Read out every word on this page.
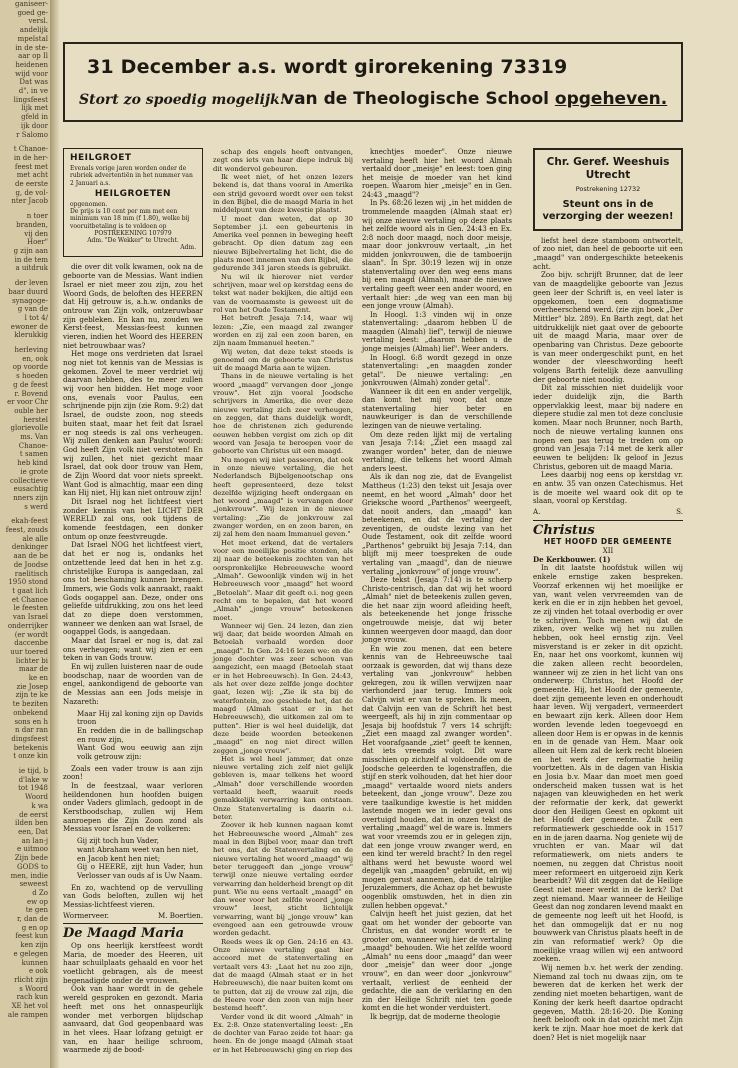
ganiseer-

goed ge-

versl.

andelijk

mpelstal

in de ste-

aar op Il

heidenen

wijd voor

Dat was

d", in ve

lingsfeest

lijk met

gfeld in

ijk door

r Salomo

t Chanoe-

in de her-

feest met

met acht

de eerste

g, de vol-

nter Jacob

n toer

branden,

vij den

Hoer"

g zijn aan

in de tem

a uitdruk

der leven

baar duurd

synagoge-

g van de

l tot 4/

ewoner de

klerukkig

herleving

en, ook

op voorde

s hoeden

g de feest

r. Bovend

er voor Chr

ouble her

herstel

glorievolle

ms. Van

Chanoe-

t samen

heb kind

ie grote

collectieve

eusachtig

nners zijn

s werd

ekah-feest

feest, zouds

ale alle

denkinger

aan de be

de Joodse

raelitisch

1950 stond

t gaat lich

et Chanoe

le feesten

van Israel

onderrijker

(er wordt

daccenbe

uur toered

lichter bi

maar de

ke en

zie Josep

zijn te ke

te beziten

onbekend

sons en h

n dar ran

dingsfeest

betekenis

t onze kin

ie tijd, b

d'lake w

tot 1948

Woord

k wa

de eerst

ilden ben

een, Dat

an lan-j

e uitmoo

Zijn bede

GODS to

men, indie

seweest

d Zo

ew op

te gen

r, dan de

g en op

feest kun

ken zijn

e gelegen

kunnen

e ook

rlicht zijn

s Woord

rach kun

XE het vol

ale rampen

31 December a.s. wordt girorekening 73319
Stort zo spoedig mogelijk!
van de Theologische School opgeheven.
HEILGROET
Evenals vorige jaren worden onder de rubriek advertentiën in het nummer van 2 Januari a.s.
HEILGROETEN
opgenomen.
De prijs is 10 cent per mm met een minimum van 18 mm (f 1.80), welke bij vooruitbetaling is te voldoen op
POSTREKENING 107979
Adm. "De Wekker" te Utrecht.
Adm.

die over dit volk kwamen, ook na de geboorte van de Messias. Want indien Israel er niet meer zou zijn, zou het Woord Gods, de beloften des HEEREN dat Hij getrouw is, a.h.w. ondanks de ontrouw van Zijn volk, ontzeruwbaar zijn gebleken. En kan nu, zouden we Kerst-feest, Messias-feest kunnen vieren, indien het Woord des HEEREN niet betrouwbaar was?

Het moge ons verdrieten dat Israel nog niet tot kennis van de Messias is gekomen. Zovel te meer verdriet wij daarvan hebben, des te meer zullen wij voor hen bidden. Het moge voor ons, evenals voor Paulus, een schrijnende pijn zijn (zie Rom. 9:2) dat Israel, de oudste zoon, nog steeds buiten staat, maar het feit dat Israel er nog steeds is zal ons verheugen. Wij zullen denken aan Paulus' woord: God heeft Zijn volk niet verstoten! En wij zullen, het niet gezicht maar Israel, dat ook door trouw van Hem, de Zijn Woord dat voor niets spreekt. Want God is almachtig, maar een ding kan Hij niet, Hij kan niet ontrouw zijn!

Dit Israel nog het lichtfeest viert zonder kennis van het LICHT DER WERELD zal ons, ook tijdens de komende feestdagen, een donker ontum op onze feestvreugde.

Dat Israel NOG het lichtfeest viert, dat het er nog is, ondanks het ontzettende leed dat hen in het z.g. christelijke Europa is aangedaan, zal ons tot beschaming kunnen brengen. Immers, wie Gods volk aanraakt, raakt Gods oogappel aan. Deze, onder ons geliefde uitdrukking, zou ons het leed dat zo diepe doen verstommen, wanneer we denken aan wat Israel, de oogappel Gods, is aangedaan.

Maar dat Israel er nog is, dat zal ons verheugen; want wij zien er een teken in van Gods trouw.

En wij zullen luisteren naar de oude boodschap, naar de woorden van de engel, aankondigend de geboorte van de Messias aan een Jods meisje in Nazareth:

Maar Hij zal koning zijn op Davids troon
En redden die in de ballingschap en rouw zijn,
Want God wou eeuwig aan zijn volk getrouw zijn:

Zoals een vader trouw is aan zijn zoon!

In de feestzaal, waar verloren heildendonen hun hoofden buigen onder Vaders glimlach, gedoopt in de Kerstboodschap, zullen wij Hem aanroepen die Zijn Zoon zond als Messias voor Israel en de volkeren:

Gij zijt toch hun Vader,
want Abraham weet van hen niet,
en Jacob kent hen niet;
Gij o HEERE, zijt hun Vader, hun Verlosser van ouds af is Uw Naam.

En zo, wachtend op de vervulling van Gods beloften, zullen wij het Messias-lichtfeest vieren.

Wormerveer.	M. Boertien.
De Maagd Maria

Op ons heerlijk kerstfeest wordt Maria, de moeder des Heeren, uit haar schuilplaats gehaald en voor het voetlicht gebragen, als de meest begenadigde onder de vrouwen.

Ook van haar wordt in de gehele wereld gesproken en gezondt. Maria heeft met ons het onnaspeurlijk wonder met verborgen blijdschap aanvaard, dat God geopenbaard was in het vlees. Haar lofzang getuigt er van, en haar heilige schroom, waarmede zij de bood-

schap des engels heeft ontvangen, zegt ons iets van haar diepe indruk bij dit wondervol gebeuren.

Ik weet niet, of het onzen lezers bekend is, dat thans vooral in Amerika een strijd gevoerd wordt over een tekst in den Bijbel, die de maagd Maria in het middelpunt van deze kwestie plaatst.

U moet dan weten, dat op 30 September j.l. een gebeurtenis in Amerika veel pennen in beweging heeft gebracht. Op dien datum zag een nieuwe Bijbelvertaling het licht, die de plaats moet innemen van den Bijbel, die gedurende 341 jaren steeds is gebruikt.

Nu wil ik hierover niet verder schrijven, maar wel op kerstdag eens de tekst wat nader bekijken, die altijd een van de voornaamste is geweest uit de rol van het Oude Testament.

Het betreft Jesaja 7:14, waar wij lezen: „Zie, een maagd zal zwanger worden en zij zal een zoon baren, en zijn naam Immanuel heeten."

Wij weten, dat deze tekst steeds is genoemd om de geboorte van Christus uit de maagd Maria aan te wijzen.

Thans in de nieuwe vertaling is het woord „maagd" vervangen door „jonge vrouw". Het zijn vooral Joodsche schrijvers in Amerika, die over deze nieuwe vertaling zich zeer verheugen, en zeggen, dat thans duidelijk wordt, hoe de christenen zich gedurende eeuwen hebben vergist om zich op dit woord van Jesaja te beroepen voor de geboorte van Christus uit een maagd.

Nu mogen wij niet passeeren, dat ook in onze nieuwe vertaling, die het Nederlandsch Bijbelgenootschap ons heeft gepresenteerd, deze tekst dezelfde wijziging heeft ondergaan en het woord „maagd" is vervangen door „jonkvrouw". Wij lezen in de nieuwe vertaling: „Zie de jonkvrouw zal zwanger worden, en en zoon baren, en zij zal hem den naam Immanuel geven."

Het moet erkend, dat de vertalers voor een moeilijke positie stonden, als zij naar de beteekenis zochten van het oorspronkelijke Hebreeuwsche woord „Almah". Gewoonlijk vinden wij in het Hebreeuwsch voor „maagd" het woord „Betoelah". Maar dit geeft o.i. nog geen recht om te bepalen, dat het woord „Almah" „jonge vrouw" beteekenen moet.

Wanneer wij Gen. 24 lezen, dan zien wij daar, dat beide woorden Almah en Betoelah verbaald worden door „maagd". In Gen. 24:16 lezen we: en die jonge dochter was zeer schoon van aangezicht, een maagd (Betoelah staat er in het Hebreeuwsch). In Gen. 24:43, als het over deze zelfde jonge dochter gaat, lezen wij: „Zie ik sta bij de waterfontein, zoo geschiede het, dat de maagd (Almah staat er in het Hebreeuwsch), die uitkomen zal om te putten". Hier is wel heel duidelijk, dat deze beide woorden beteekenen „maagd" en nog niet direct willen zeggen „jonge vrouw".

Het is wel heel jammer, dat onze nieuwe vertaling zich zelf niet gelijk gebleven is, maar telkens het woord „Almah" door verschillende woorden vertaald heeft, waaruit reeds gemakkelijk verwarring kan ontstaan. Onze Statenvertaling is daarin o.i. beter.

Zoover ik heb kunnen nagaan komt het Hebreeuwsche woord „Almah" zes maal in den Bijbel voor, maar dan treft het ons, dat de Statenvertaling en de nieuwe vertaling het woord „maagd" wij beter teruggeeft dan „jonge vrouw" terwijl onze nieuwe vertaling eerder verwarring dan helderheid brengt op dit punt. Wie nu eens vertaalt „maagd" en dan weer voor het zelfde woord „jonge vrouw" leest, sticht lichtelijk verwarring, want bij „jonge vrouw" kan evengoed aan een getrouwde vrouw worden gedacht.

Reeds wees ik op Gen. 24:16 en 43. Onze nieuwe vertaling gaat hier accoord met de statenvertaling en vertaalt vers 43: „Laat het nu zoo zijn, dat de maagd (Almah staat er in het Hebreeuwsch), die naar buiten komt om te putten, dat zij de vrouw zal zijn, die de Heere voor den zoon van mijn heer bestemd heeft".

Verder vond ik dit woord „Almah" in Ex. 2:8. Onze statenvertaling leest: „En de dochter van Farao zeide tot haar: ga heen. En de jonge maagd (Almah staat er in het Hebreeuwsch) ging en riep des

knechtjes moeder". Onze nieuwe vertaling heeft hier het woord Almah vertaald door „meisje" en leest: toen ging het meisje de moeder van het kind roepen. Waarom hier „meisje" en in Gen. 24:43 „maagd"?

In Ps. 68:26 lezen wij „in het midden de trommelende maagden (Almah staat er) wij onze nieuwe vertaling op deze plaats het zelfde woord als in Gen. 24:43 en Ex. 2:8 noch door maagd, noch door meisje, maar door jonkvrouw vertaalt, „in het midden jonkvrouwen, die de tamboerijn slaan". In Spr. 30:19 lezen wij in onze statenvertaling over den weg eens mans bij een maagd (Almah), maar de nieuwe vertaling geeft weer een ander woord, en vertaalt hier: „de weg van een man bij een jonge vrouw (Almah).

In Hoogl. 1:3 vinden wij in onze statenvertaling: „daarom hebben U de maagden (Almah) lief", terwijl de nieuwe vertaling leest: „daarom hebben u de jonge meisjes (Almah) lief". Weer anders.

In Hoogl. 6:8 wordt gezegd in onze statenvertaling: „en maagden zonder getal". De nieuwe vertaling: „en jonkvrouwen (Almah) zonder getal".

Wanneer ik dit een en ander vergelijk, dan komt het mij voor, dat onze statenvertaling hier beter en nauwkeuriger is dan de verschillende lezingen van de nieuwe vertaling.

Om deze reden lijkt mij de vertaling van Jesaja 7:14: „Ziet een maagd zal zwanger worden" beter, dan de nieuwe vertaling, die telkens het woord Almah anders leest.

Als ik dan nog zie, dat de Evangelist Mattheus (1:23) den tekst uit Jesaja over neemt, en het woord „Almah" door het Grieksche woord „Parthenos" weergeeft, dat nooit anders, dan „maagd" kan beteekenen, en dat de vertaling der zeventigen, de oudste lezing van het Oude Testament, ook dit zelfde woord „Parthenos" gebruikt bij Jesaja 7:14, dan blijft mij meer toespreken de oude vertaling van „maagd", dan de nieuwe vertaling „jonkvrouw" of jonge vrouw".

Deze tekst (Jesaja 7:14) is te scherp Christo-centrisch, dan dat wij het woord „Almah" niet de beteekenis zullen geven, die het naar zijn woord afleiding heeft, als beteekenende het jonge frissche ongetrouwde meisje, dat wij beter kunnen weergeven door maagd, dan door jonge vrouw.

En wie zou menen, dat een betere kennis van de Hebreeuwsche taal oorzaak is geworden, dat wij thans deze vertaling van „jonkvrouw" hebben gekregen, zou ik willen verwijzen naar vierhonderd jaar terug. Immers ook Calvijn wist er van te spreken. Ik meen, dat Calvijn een van de Schrift het best weergeeft, als hij in zijn commentaar op Jesaja bij hoofdstuk 7 vers 14 schrijft: „Ziet een maagd zal zwanger worden". Het voorafgaande „ziet" geeft te kennen, dat iets vreemds volgt. Dit ware misschien op zichzelf al voldoende om de Joodsche geleerden te logenstraffen, die stijf en sterk volhouden, dat het hier door „maagd" vertaalde woord niets anders beteekent, dan „jonge vrouw". Deze zou vere taalkundige kwestie is het midden lastende mogen we in ieder geval ons overtuigd houden, dat in onzen tekst de vertaling „maagd" wel de ware is. Immers wat voor vreemds zou er in gelegen zijn, dat een jonge vrouw zwanger werd, en een kind ter wereld bracht? In den regel althans werd het bewuste woord wel degelijk van „maagden" gebruikt, en wij mogen gerust aannemen, dat de talrijke Jeruzalemmers, die Achaz op het bewuste oogenblik omstuwden, het in dien zin zullen hebben opgevat."

Calvijn heeft het juist gezien, dat het gaat om het wonder der geboorte van Christus, en dat wonder wordt er te grooter om, wanneer wij hier de vertaling „maagd" behouden. Wie het zelfde woord „Almah" nu eens door „maagd" dan weer door „meisje" dan weer door „jonge vrouw", en dan weer door „jonkvrouw" vertaalt, verliest de eenheid der gedachte, die aan de verklaring en den zin der Heilige Schrift niet ten goede komt en die het wonder verduistert.

Ik begrijp, dat de moderne theologie

Chr. Geref. Weeshuis
Utrecht
Postrekening 12732
Steunt ons in de
verzorging der weezen!

liefst heel deze stamboom ontwortelt, of zoo niet, dan heel de geboorte uit een „maagd" van ondergeschikte beteekenis acht.

Zoo bijv. schrijft Brunner, dat de leer van de maagdelijke geboorte van Jezus geen leer der Schrift is, en veel later is opgekomen, toen een dogmatisme overheerschend werd. (zie zijn boek „Der Mittler" blz. 289). En Barth zegt, dat het uitdrukkelijk niet gaat over de geboorte uit de maagd Maria, maar over de openbaring van Christus. Deze geboorte is van meer ondergeschikt punt, en het wonder der vleeschwording heeft volgens Barth feitelijk deze aanvulling der geboorte niet noodig.

Dit zal misschien niet duidelijk voor ieder duidelijk zijn, die Barth oppervlakkig leest, maar bij nadere en diepere studie zal men tot deze conclusie komen. Maar noch Brunner, noch Barth, noch de nieuwe vertaling kunnen ons nopen een pas terug te treden om op grond van Jesaja 7:14 met de kerk aller eeuwen te belijden: Ik geloof in Jezus Christus, geboren uit de maagd Maria.

Lees daarbij nog eens op kerstdag vr. en antw. 35 van onzen Catechismus. Het is de moeite wel waard ook dit op te slaan, vooral op Kerstdag.

A.	S.
Christus
HET HOOFD DER GEMEENTE
XII

De Kerkbouwer. (1)

In dit laatste hoofdstuk willen wij enkele ernstige zaken bespreken. Voorzaf erkennen wij het moeilijke er van, want velen vervreemden van de kerk en die er in zijn hebben het gevoel, ze zij vinden het totaal overbodig er over te schrijven. Toch menen wij dat de ziken, over welke wij het nu zullen hebben, ook heel ernstig zijn. Veel misverstand is er zeker in dit opzicht. En, naar het ons voorkomt, kunnen wij die zaken alleen recht beoordelen, wanneer wij ze zien in het licht van ons onderwerp: Christus, het Hoofd der gemeente. Hij, het Hoofd der gemeente, doet zijn gemeente leven en onderhoudt haar leven. Wij vergadert, vermeerdert en bewaart zijn kerk. Alleen door Hem worden levende leden toegevoegd en alleen door Hem is er opwas in de kennis en in de genade van Hem. Maar ook alleen uit Hem zal de kerk recht bloeien en het werk der reformatie heilig voortzetten. Als in de dagen van Hiskia en Josia b.v. Maar dan moet men goed onderscheid maken tussen wat is het najagen van kleuwigheden en het werk der reformatie der kerk, dat gewerkt door den Heiligen Geest en opkomt uit het Hoofd der gemeente. Zulk een reformatiewerk geschiedde ook in 1517 en in de jaren daarna. Nog geniete wij de vruchten er van. Maar wil dat reformatiewerk, om niets anders te noemen, nu zeggen dat Christus nooit meer reformeert en uitgeroeid zijn Kerk bearbeidt? Wil dit zeggen dat de Heilige Geest niet meer werkt in de kerk? Dat zegt niemand. Maar wanneer de Heilige Geest dan nog zondaren levend maakt en de gemeente nog leeft uit het Hoofd, is het dan ommogelijk dat er nu nog bouwwerk van Christus plaats heeft in de zin van reformatief werk? Op die moeilijke vraag willen wij een antwoord zoeken.

Wij nemen b.v. het werk der zending. Niemand zal toch nu dwaas zijn, om te beweren dat de kerken het werk der zending niet moeten behartigen, want de Koning der kerk heeft daartoe opdracht gegeven, Matth. 28:16-20. Die Koning heeft belooft ook in dat opzicht met Zijn kerk te zijn. Maar hoe moet de kerk dat doen? Het is niet mogelijk naar
